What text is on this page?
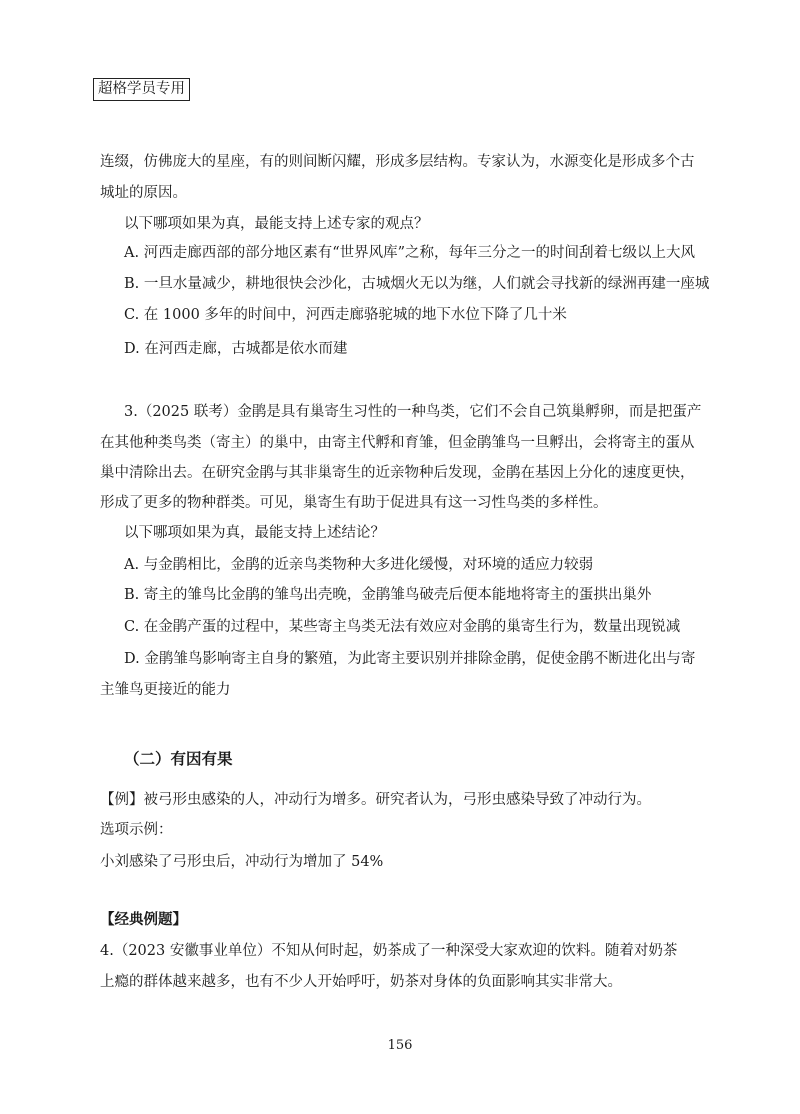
超格学员专用
连缀，仿佛庞大的星座，有的则间断闪耀，形成多层结构。专家认为，水源变化是形成多个古
城址的原因。
以下哪项如果为真，最能支持上述专家的观点？
A. 河西走廊西部的部分地区素有“世界风库”之称，每年三分之一的时间刮着七级以上大风
B. 一旦水量减少，耕地很快会沙化，古城烟火无以为继，人们就会寻找新的绿洲再建一座城
C. 在 1000 多年的时间中，河西走廊骆驼城的地下水位下降了几十米
D. 在河西走廊，古城都是依水而建
3.（2025 联考）金鹃是具有巢寄生习性的一种鸟类，它们不会自己筑巢孵卵，而是把蛋产
在其他种类鸟类（寄主）的巢中，由寄主代孵和育雏，但金鹃雏鸟一旦孵出，会将寄主的蛋从
巢中清除出去。在研究金鹃与其非巢寄生的近亲物种后发现，金鹃在基因上分化的速度更快，
形成了更多的物种群类。可见，巢寄生有助于促进具有这一习性鸟类的多样性。
以下哪项如果为真，最能支持上述结论？
A. 与金鹃相比，金鹃的近亲鸟类物种大多进化缓慢，对环境的适应力较弱
B. 寄主的雏鸟比金鹃的雏鸟出壳晚，金鹃雏鸟破壳后便本能地将寄主的蛋拱出巢外
C. 在金鹃产蛋的过程中，某些寄主鸟类无法有效应对金鹃的巢寄生行为，数量出现锐减
D. 金鹃雏鸟影响寄主自身的繁殖，为此寄主要识别并排除金鹃，促使金鹃不断进化出与寄
主雏鸟更接近的能力
（二）有因有果
【例】被弓形虫感染的人，冲动行为增多。研究者认为，弓形虫感染导致了冲动行为。
选项示例：
小刘感染了弓形虫后，冲动行为增加了 54%
【经典例题】
4.（2023 安徽事业单位）不知从何时起，奶茶成了一种深受大家欢迎的饮料。随着对奶茶
上瘾的群体越来越多，也有不少人开始呼吁，奶茶对身体的负面影响其实非常大。
156
